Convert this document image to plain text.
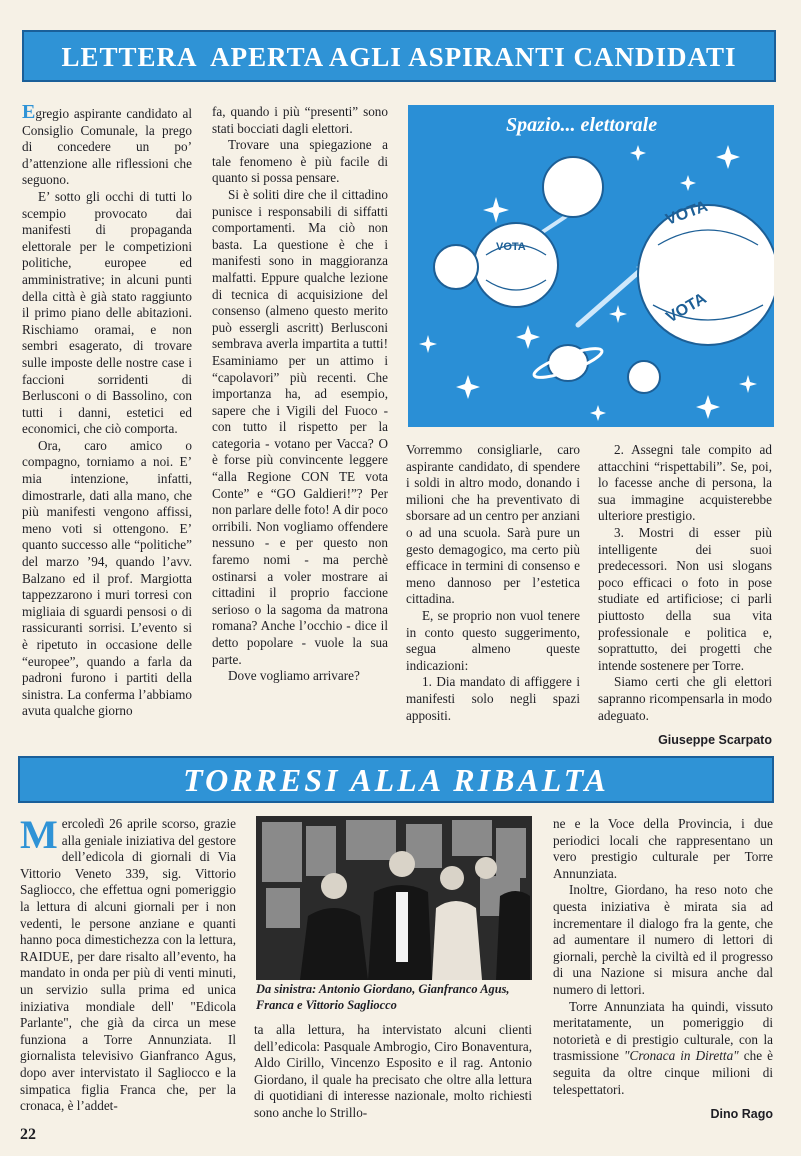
LETTERA  APERTA AGLI ASPIRANTI CANDIDATI

Egregio aspirante candidato al Consiglio Comunale, la prego di concedere un po’ d’attenzione alle riflessioni che seguono.

E’ sotto gli occhi di tutti lo scempio provocato dai manifesti di propaganda elettorale per le competizioni politiche, europee ed amministrative; in alcuni punti della città è già stato raggiunto il primo piano delle abitazioni. Rischiamo oramai, e non sembri esagerato, di trovare sulle imposte delle nostre case i faccioni sorridenti di Berlusconi o di Bassolino, con tutti i danni, estetici ed economici, che ciò comporta.

Ora, caro amico o compagno, torniamo a noi. E’ mia intenzione, infatti, dimostrarle, dati alla mano, che più manifesti vengono affissi, meno voti si ottengono. E’ quanto successo alle “politiche” del marzo ’94, quando l’avv. Balzano ed il prof. Margiotta tappezzarono i muri torresi con migliaia di sguardi pensosi o di rassicuranti sorrisi. L’evento si è ripetuto in occasione delle “europee”, quando a farla da padroni furono i partiti della sinistra. La conferma l’abbiamo avuta qualche giorno

fa, quando i più “presenti” sono stati bocciati dagli elettori.

Trovare una spiegazione a tale fenomeno è più facile di quanto si possa pensare.

Si è soliti dire che il cittadino punisce i responsabili di siffatti comportamenti. Ma ciò non basta. La questione è che i manifesti sono in maggioranza malfatti. Eppure qualche lezione di tecnica di acquisizione del consenso (almeno questo merito può essergli ascritt) Berlusconi sembrava averla impartita a tutti! Esaminiamo per un attimo i “capolavori” più recenti. Che importanza ha, ad esempio, sapere che i Vigili del Fuoco - con tutto il rispetto per la categoria - votano per Vacca? O è forse più convincente leggere “alla Regione CON TE vota Conte” e “GO Galdieri!”? Per non parlare delle foto! A dir poco orribili. Non vogliamo offendere nessuno - e per questo non faremo nomi - ma perchè ostinarsi a voler mostrare ai cittadini il proprio faccione serioso o la sagoma da matrona romana? Anche l’occhio - dice il detto popolare - vuole la sua parte.

Dove vogliamo arrivare?

VOTA
VOTA
VOTA
Spazio... elettorale

Vorremmo consigliarle, caro aspirante candidato, di spendere i soldi in altro modo, donando i milioni che ha preventivato di sborsare ad un centro per anziani o ad una scuola. Sarà pure un gesto demagogico, ma certo più efficace in termini di consenso e meno dannoso per l’estetica cittadina.

E, se proprio non vuol tenere in conto questo suggerimento, segua almeno queste indicazioni:

1. Dia mandato di affiggere i manifesti solo negli spazi appositi.

2. Assegni tale compito ad attacchini “rispettabili”. Se, poi, lo facesse anche di persona, la sua immagine acquisterebbe ulteriore prestigio.

3. Mostri di esser più intelligente dei suoi predecessori. Non usi slogans poco efficaci o foto in pose studiate ed artificiose; ci parli piuttosto della sua vita professionale e politica e, soprattutto, dei progetti che intende sostenere per Torre.

Siamo certi che gli elettori sapranno ricompensarla in modo adeguato.

Giuseppe Scarpato

TORRESI ALLA RIBALTA

Mercoledì 26 aprile scorso, grazie alla geniale iniziativa del gestore dell’edicola di giornali di Via Vittorio Veneto 339, sig. Vittorio Sagliocco, che effettua ogni pomeriggio la lettura di alcuni giornali per i non vedenti, le persone anziane e quanti hanno poca dimestichezza con la lettura, RAIDUE, per dare risalto all’evento, ha mandato in onda per più di venti minuti, un servizio sulla prima ed unica iniziativa mondiale dell' "Edicola Parlante", che già da circa un mese funziona a Torre Annunziata. Il giornalista televisivo Gianfranco Agus, dopo aver intervistato il Sagliocco e la simpatica figlia Franca che, per la cronaca, è l’addet-

Da sinistra: Antonio Giordano, Gianfranco Agus, Franca e Vittorio Sagliocco

ta alla lettura, ha intervistato alcuni clienti dell’edicola: Pasquale Ambrogio, Ciro Bonaventura, Aldo Cirillo, Vincenzo Esposito e il rag. Antonio Giordano, il quale ha precisato che oltre alla lettura di quotidiani di interesse nazionale, molto richiesti sono anche lo Strillo-

ne e la Voce della Provincia, i due periodici locali che rappresentano un vero prestigio culturale per Torre Annunziata.

Inoltre, Giordano, ha reso noto che questa iniziativa è mirata sia ad incrementare il dialogo fra la gente, che ad aumentare il numero di lettori di giornali, perchè la civiltà ed il progresso di una Nazione si misura anche dal numero di lettori.

Torre Annunziata ha quindi, vissuto meritatamente, un pomeriggio di notorietà e di prestigio culturale, con la trasmissione "Cronaca in Diretta" che è seguita da oltre cinque milioni di telespettatori.

Dino Rago

22
